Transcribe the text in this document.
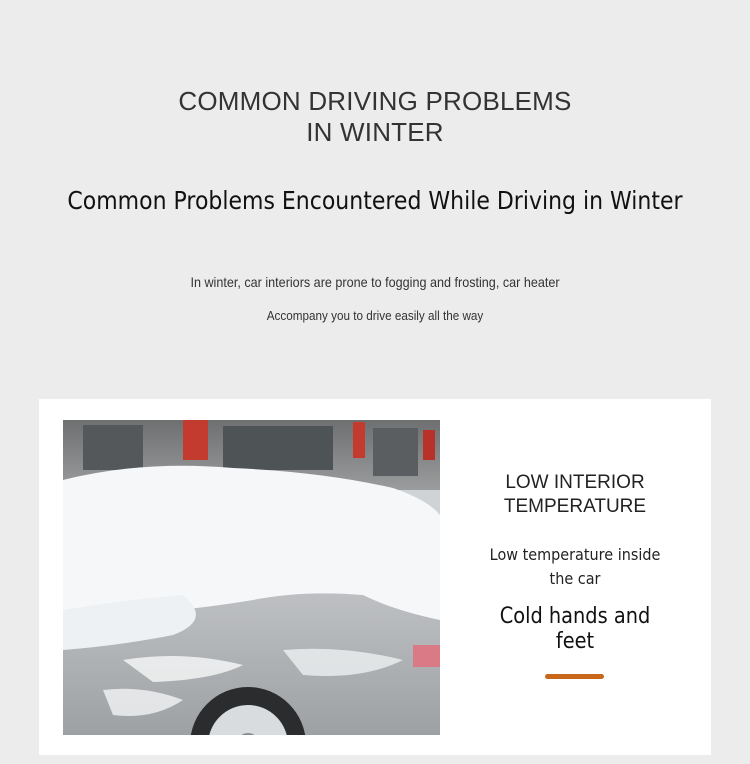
COMMON DRIVING PROBLEMS
IN WINTER
Common Problems Encountered While Driving in Winter
In winter, car interiors are prone to fogging and frosting, car heater
Accompany you to drive easily all the way
LOW INTERIOR
TEMPERATURE
Low temperature inside the car
Cold hands and feet
